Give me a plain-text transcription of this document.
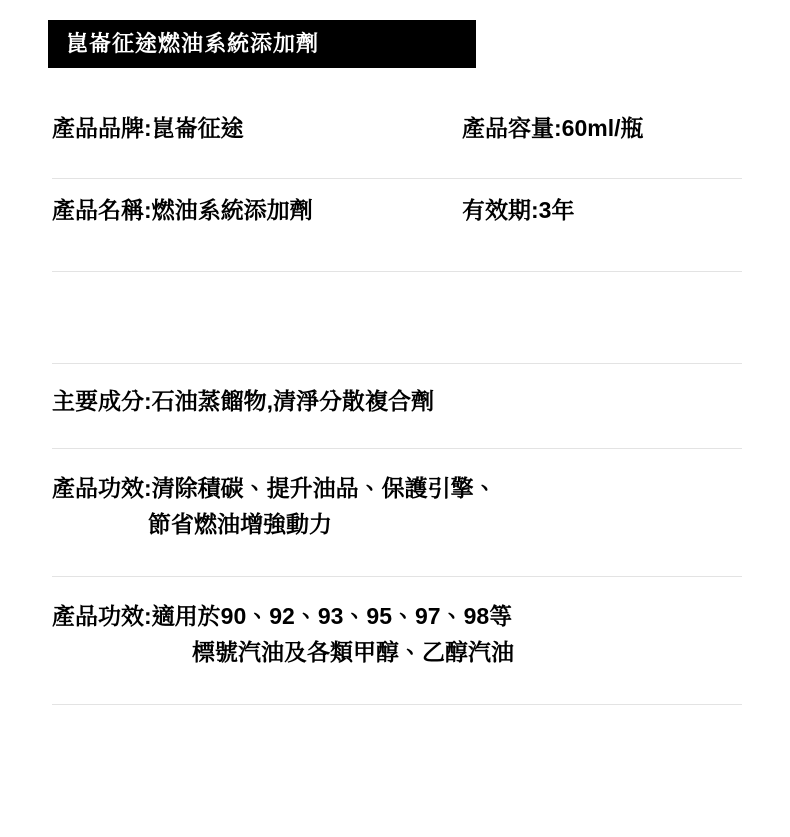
崑崙征途燃油系統添加劑
產品品牌:崑崙征途	產品容量:60ml/瓶
產品名稱:燃油系統添加劑	有效期:3年
主要成分:石油蒸餾物,清淨分散複合劑
產品功效:清除積碳、提升油品、保護引擎、
節省燃油增強動力
產品功效:適用於90、92、93、95、97、98等
標號汽油及各類甲醇、乙醇汽油
